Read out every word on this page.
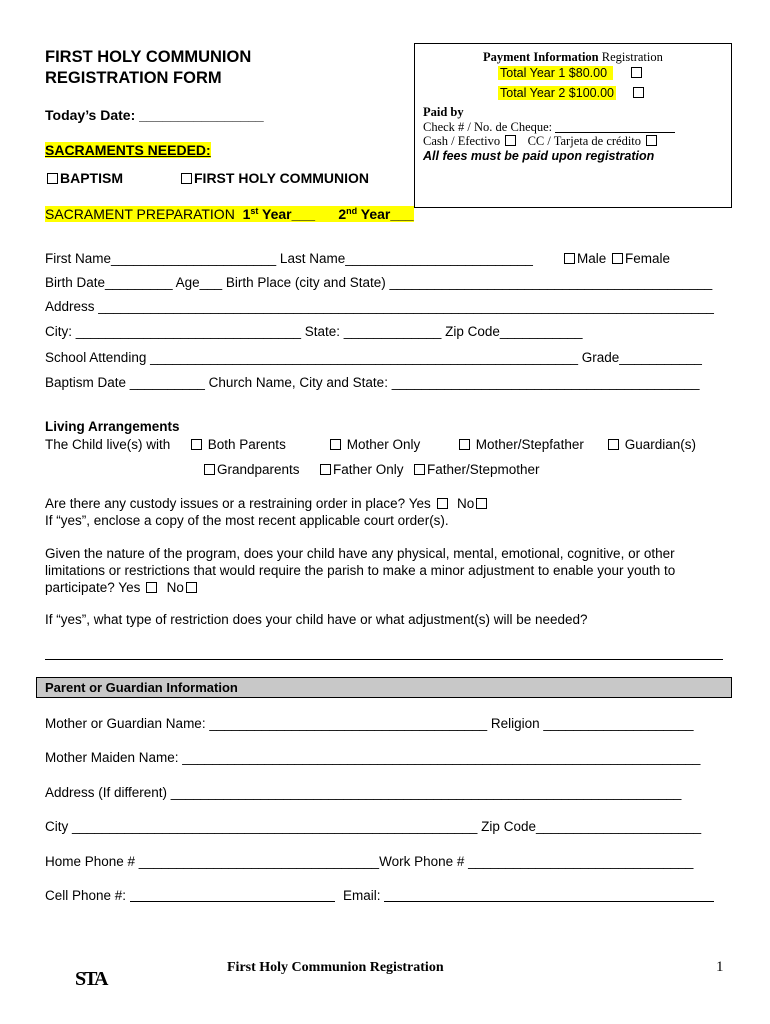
FIRST HOLY COMMUNION
REGISTRATION FORM
Today’s Date: ________________
Payment Information Registration
Total Year 1 $80.00
Total Year 2 $100.00
Paid by
Check # / No. de Cheque:
Cash / Efectivo CC / Tarjeta de crédito
All fees must be paid upon registration
SACRAMENTS NEEDED:
BAPTISM	FIRST HOLY COMMUNION
SACRAMENT PREPARATION 1st Year___ 2nd Year___
First Name______________________ Last Name_________________________	Male Female
Birth Date_________ Age___ Birth Place (city and State) ___________________________________________
Address __________________________________________________________________________________
City: ______________________________ State: _____________ Zip Code___________
School Attending _________________________________________________________ Grade___________
Baptism Date __________ Church Name, City and State: _________________________________________
Living Arrangements
The Child live(s) with	Both Parents	Mother Only	Mother/Stepfather	Guardian(s)
Grandparents	Father Only	Father/Stepmother
Are there any custody issues or a restraining order in place? Yes No
If “yes”, enclose a copy of the most recent applicable court order(s).
Given the nature of the program, does your child have any physical, mental, emotional, cognitive, or other
limitations or restrictions that would require the parish to make a minor adjustment to enable your youth to
participate? Yes No
If “yes”, what type of restriction does your child have or what adjustment(s) will be needed?
Parent or Guardian Information
Mother or Guardian Name: _____________________________________ Religion ____________________
Mother Maiden Name: _____________________________________________________________________
Address (If different) ____________________________________________________________________
City ______________________________________________________ Zip Code______________________
Home Phone # ________________________________Work Phone # ______________________________
Cell Phone #:	Email:
STA
First Holy Communion Registration	1
